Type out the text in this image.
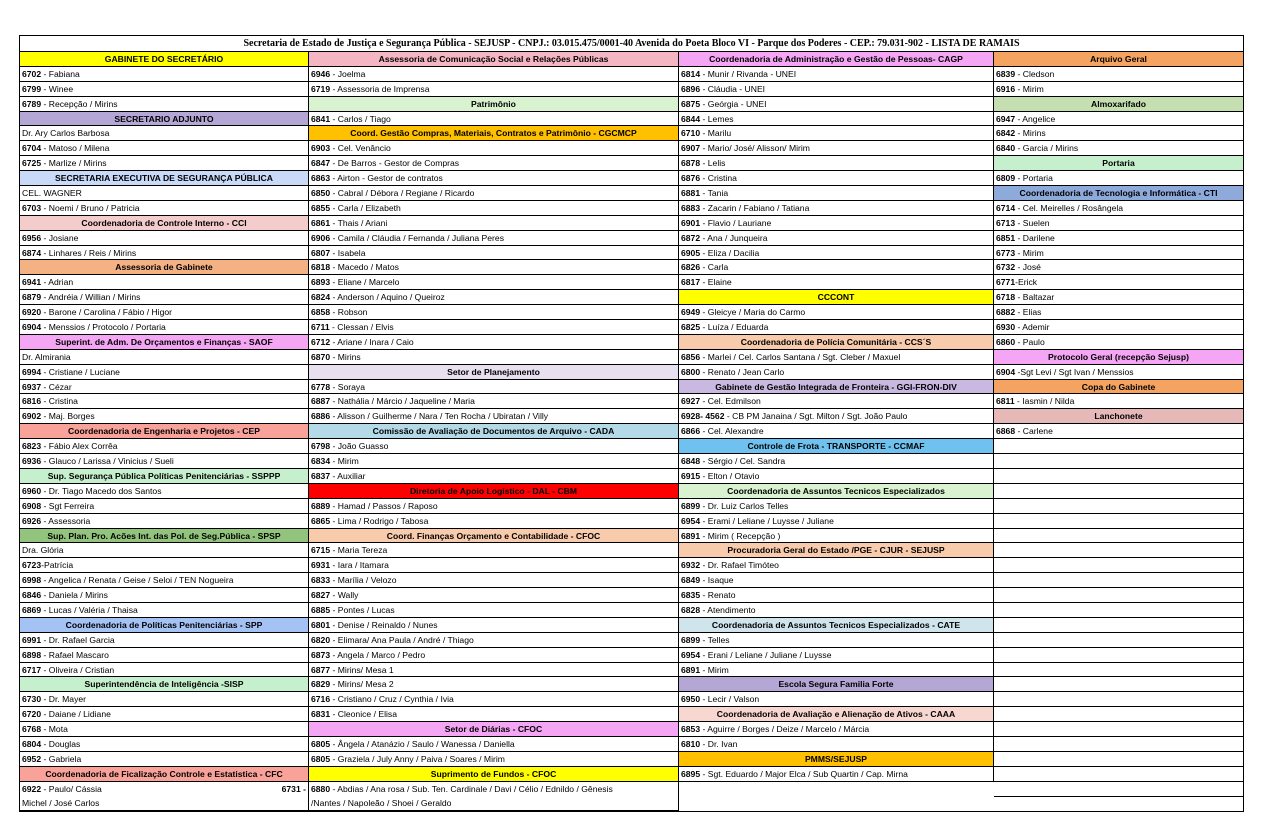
Secretaria de Estado de Justiça e Segurança Pública - SEJUSP - CNPJ.: 03.015.475/0001-40 Avenida do Poeta Bloco VI - Parque dos Poderes - CEP.: 79.031-902 - LISTA DE RAMAIS
GABINETE DO SECRETÁRIO
6702 - Fabiana
6799 - Winee
6789 - Recepção / Mirins
SECRETARIO ADJUNTO
Dr. Ary Carlos Barbosa
6704 - Matoso / Milena
6725 - Marlize / Mirins
SECRETARIA EXECUTIVA DE SEGURANÇA PÚBLICA
CEL. WAGNER
6703 - Noemi / Bruno / Patricia
Coordenadoria de Controle Interno - CCI
6956 - Josiane
6874 - Linhares / Reis / Mirins
Assessoria de Gabinete
6941 - Adrian
6879 - Andréia / Willian / Mirins
6920 - Barone / Carolina / Fábio / Higor
6904 - Menssios / Protocolo / Portaria
Superint. de Adm. De Orçamentos e Finanças - SAOF
Dr. Almirania
6994 - Cristiane / Luciane
6937 - Cézar
6816 - Cristina
6902 - Maj. Borges
Coordenadoria de Engenharia e Projetos - CEP
6823 - Fábio Alex Corrêa
6936 - Glauco / Larissa / Vinicius / Sueli
Sup. Segurança Pública Políticas Penitenciárias - SSPPP
6960 - Dr. Tiago Macedo dos Santos
6908 - Sgt Ferreira
6926 - Assessoria
Sup. Plan. Pro. Acões Int. das Pol. de Seg.Pública - SPSP
Dra. Glória
6723-Patrícia
6998 - Angelica / Renata / Geise / Seloi / TEN Nogueira
6846 - Daniela / Mirins
6869 - Lucas / Valéria / Thaisa
Coordenadoria de Políticas Penitenciárias - SPP
6991 - Dr. Rafael Garcia
6898 - Rafael Mascaro
6717 - Oliveira / Cristian
Superintendência de Inteligência -SISP
6730 - Dr. Mayer
6720 - Daiane / Lidiane
6768 - Mota
6804 - Douglas
6952 - Gabriela
Coordenadoria de Ficalização Controle e Estatistica - CFC
6731 -
6922 - Paulo/ Cássia
Michel / José Carlos
Assessoria de Comunicação Social e Relações Públicas
6946 - Joelma
6719 - Assessoria de Imprensa
Patrimônio
6841 - Carlos / Tiago
Coord. Gestão Compras, Materiais, Contratos e Patrimônio - CGCMCP
6903 - Cel. Venâncio
6847 - De Barros - Gestor de Compras
6863 - Airton - Gestor de contratos
6850 - Cabral / Débora / Regiane / Ricardo
6855 - Carla / Elizabeth
6861 - Thais / Ariani
6906 - Camila / Cláudia / Fernanda / Juliana Peres
6807 - Isabela
6818 - Macedo / Matos
6893 - Eliane / Marcelo
6824 - Anderson / Aquino / Queiroz
6858 - Robson
6711 - Clessan / Elvis
6712 - Ariane / Inara / Caio
6870 - Mirins
Setor de Planejamento
6778 - Soraya
6887 - Nathália / Márcio / Jaqueline / Maria
6886 - Alisson / Guilherme / Nara / Ten Rocha / Ubiratan / Villy
Comissão de Avaliação de Documentos de Arquivo - CADA
6798 - João Guasso
6834 - Mirim
6837 - Auxiliar
Diretoria de Apoio Logístico - DAL - CBM
6889 - Hamad / Passos / Raposo
6865 - Lima / Rodrigo / Tabosa
Coord. Finanças Orçamento e Contabilidade - CFOC
6715 - Maria Tereza
6931 - Iara / Itamara
6833 - Marília / Velozo
6827 - Wally
6885 - Pontes / Lucas
6801 - Denise / Reinaldo / Nunes
6820 - Elimara/ Ana Paula / André / Thiago
6873 - Angela / Marco / Pedro
6877 - Mirins/ Mesa 1
6829 - Mirins/ Mesa 2
6716 - Cristiano / Cruz / Cynthia / Ivia
6831 - Cleonice / Elisa
Setor de Diárias - CFOC
6805 - Ângela / Atanázio / Saulo / Wanessa / Daniella
6805 - Graziela / July Anny / Paiva / Soares / Mirim
Suprimento de Fundos - CFOC
6880 - Abdias / Ana rosa / Sub. Ten. Cardinale / Davi / Célio / Ednildo / Gênesis
/Nantes / Napoleão / Shoei / Geraldo
Coordenadoria de Administração e Gestão de Pessoas- CAGP
6814 - Munir / Rivanda - UNEI
6896 - Cláudia - UNEI
6875 - Geórgia - UNEI
6844 - Lemes
6710 - Marilu
6907 - Mario/ José/ Alisson/ Mirim
6878 - Lelis
6876 - Cristina
6881 - Tania
6883 - Zacarin / Fabiano / Tatiana
6901 - Flavio / Lauriane
6872 - Ana / Junqueira
6905 - Eliza / Dacilia
6826 - Carla
6817 - Elaine
CCCONT
6949 - Gleicye / Maria do Carmo
6825 - Luíza / Eduarda
Coordenadoria de Polícia Comunitária - CCS´S
6856 - Marlei / Cel. Carlos Santana / Sgt. Cleber / Maxuel
6800 - Renato / Jean Carlo
Gabinete de Gestão Integrada de Fronteira - GGI-FRON-DIV
6927 - Cel. Edmilson
6928- 4562 - CB PM Janaina / Sgt. Milton / Sgt. João Paulo
6866 - Cel. Alexandre
Controle de Frota - TRANSPORTE - CCMAF
6848 - Sérgio / Cel. Sandra
6915 - Elton / Otavio
Coordenadoria de Assuntos Tecnicos Especializados
6899 - Dr. Luiz Carlos Telles
6954 - Erami / Leliane / Luysse / Juliane
6891 - Mirim ( Recepção )
Procuradoria Geral do Estado /PGE - CJUR - SEJUSP
6932 - Dr. Rafael Timóteo
6849 - Isaque
6835 - Renato
6828 - Atendimento
Coordenadoria de Assuntos Tecnicos Especializados - CATE
6899 - Telles
6954 - Erani / Leliane / Juliane / Luysse
6891 - Mirim
Escola Segura Familia Forte
6950 - Lecir / Valson
Coordenadoria de Avaliação e Alienação de Ativos - CAAA
6853 - Aguirre / Borges / Deize / Marcelo / Márcia
6810 - Dr. Ivan
PMMS/SEJUSP
6895 - Sgt. Eduardo / Major Elca / Sub Quartin / Cap. Mirna
Arquivo Geral
6839 - Cledson
6916 - Mirim
Almoxarifado
6947 - Angelice
6842 - Mirins
6840 - Garcia / Mirins
Portaria
6809 - Portaria
Coordenadoria de Tecnologia e Informática - CTI
6714 - Cel. Meirelles / Rosângela
6713 - Suelen
6851 - Darilene
6773 - Mirim
6732 - José
6771-Erick
6718 - Baltazar
6882 - Elias
6930 - Ademir
6860 - Paulo
Protocolo Geral (recepção Sejusp)
6904 -Sgt Levi / Sgt Ivan / Menssios
Copa do Gabinete
6811 - Iasmin / Nilda
Lanchonete
6868 - Carlene
